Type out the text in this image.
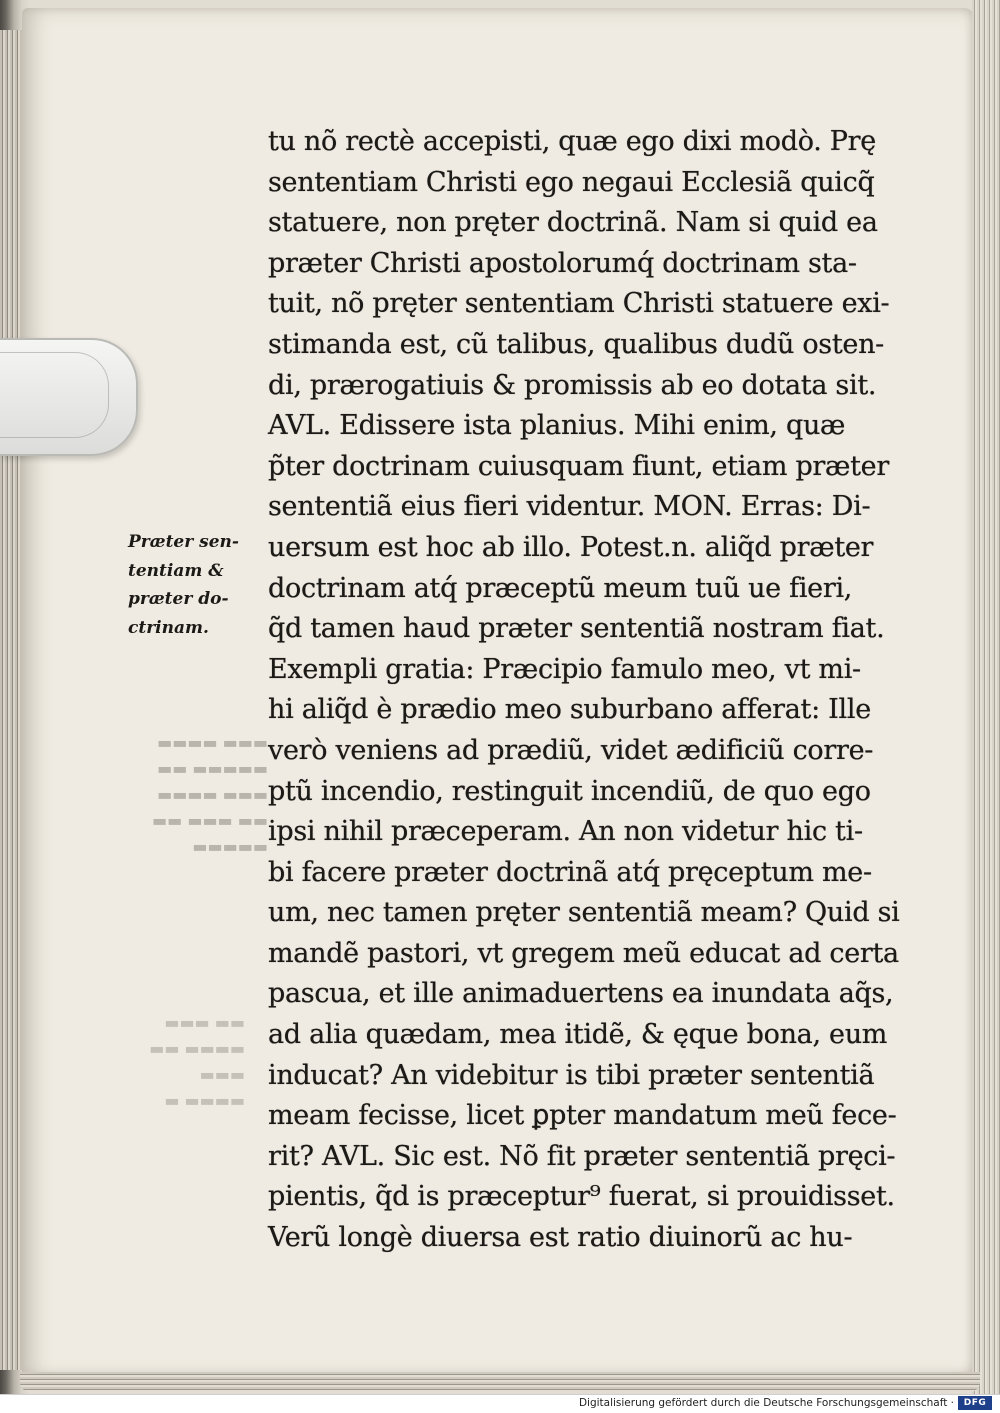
Præter sen-
tentiam &
præter do-
ctrinam.
▬▬▬ ▬▬▬▬
▬▬▬▬▬ ▬▬
▬▬▬ ▬▬▬▬
▬▬ ▬▬▬ ▬▬
▬▬▬▬▬
▬▬ ▬▬▬
▬▬▬▬ ▬▬
▬▬▬
▬▬▬▬ ▬
tu nõ rectè accepisti, quæ ego dixi modò. Prę
sententiam Christi ego negaui Ecclesiã quicq̃
statuere, non pręter doctrinã. Nam si quid ea
præter Christi apostolorumq́ doctrinam sta-
tuit, nõ pręter sententiam Christi statuere exi-
stimanda est, cũ talibus, qualibus dudũ osten-
di, prærogatiuis & promissis ab eo dotata sit.
AVL. Edissere ista planius. Mihi enim, quæ
p̃ter doctrinam cuiusquam fiunt, etiam præter
sententiã eius fieri videntur. MON. Erras: Di-
uersum est hoc ab illo. Potest.n. aliq̃d præter
doctrinam atq́ præceptũ meum tuũ ue fieri,
q̃d tamen haud præter sententiã nostram fiat.
Exempli gratia: Præcipio famulo meo, vt mi-
hi aliq̃d è prædio meo suburbano afferat: Ille
verò veniens ad prædiũ, videt ædificiũ corre-
ptũ incendio, restinguit incendiũ, de quo ego
ipsi nihil præceperam. An non videtur hic ti-
bi facere præter doctrinã atq́ pręceptum me-
um, nec tamen pręter sententiã meam? Quid si
mandẽ pastori, vt gregem meũ educat ad certa
pascua, et ille animaduertens ea inundata aq̃s,
ad alia quædam, mea itidẽ, & ęque bona, eum
inducat? An videbitur is tibi præter sententiã
meam fecisse, licet ꝑpter mandatum meũ fece-
rit? AVL. Sic est. Nõ fit præter sententiã pręci-
pientis, q̃d is præceptur⁹ fuerat, si prouidisset.
Verũ longè diuersa est ratio diuinorũ ac hu-
Digitalisierung gefördert durch die Deutsche Forschungsgemeinschaft ·	DFG
